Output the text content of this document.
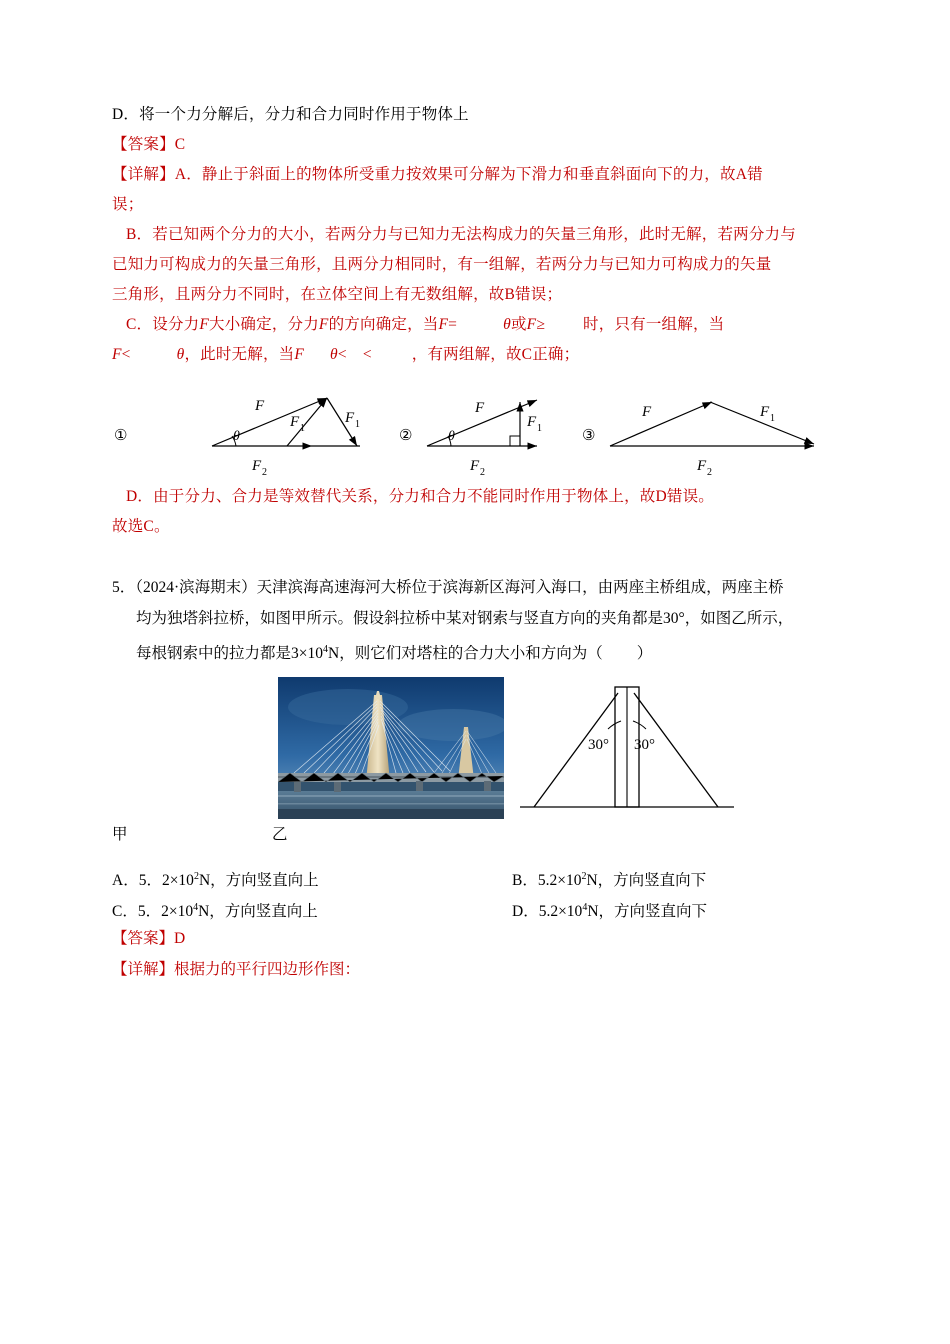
D．将一个力分解后，分力和合力同时作用于物体上
【答案】C
【详解】A．静止于斜面上的物体所受重力按效果可分解为下滑力和垂直斜面向下的力，故A错
误；
B．若已知两个分力的大小，若两分力与已知力无法构成力的矢量三角形，此时无解，若两分力与
已知力可构成力的矢量三角形，且两分力相同时，有一组解，若两分力与已知力可构成力的矢量
三角形，且两分力不同时，在立体空间上有无数组解，故B错误；
C．设分力F大小确定，分力F的方向确定，当F=	θ或F≥ 时，只有一组解，当
F<	θ，此时无解，当F θ< <	，有两组解，故C正确；
①	θ
F
F 1
F 1
F 2
②	θ
F
F 1
F 2
③
F	F 1
F 2
D．由于分力、合力是等效替代关系，分力和合力不能同时作用于物体上，故D错误。
故选C。
5．（2024·滨海期末）天津滨海高速海河大桥位于滨海新区海河入海口，由两座主桥组成，两座主桥
均为独塔斜拉桥，如图甲所示。假设斜拉桥中某对钢索与竖直方向的夹角都是30°，如图乙所示，
每根钢索中的拉力都是$3\times 10^4N$，则它们对塔柱的合力大小和方向为（ ）
30° 30°
甲	乙
A．5．$2\times 10^2N$，方向竖直向上	B．$5.2\times 10^2N$，方向竖直向下
C．5．$2\times 10^4N$，方向竖直向上	D．$5.2\times 10^4N$，方向竖直向下
【答案】D
【详解】根据力的平行四边形作图：
